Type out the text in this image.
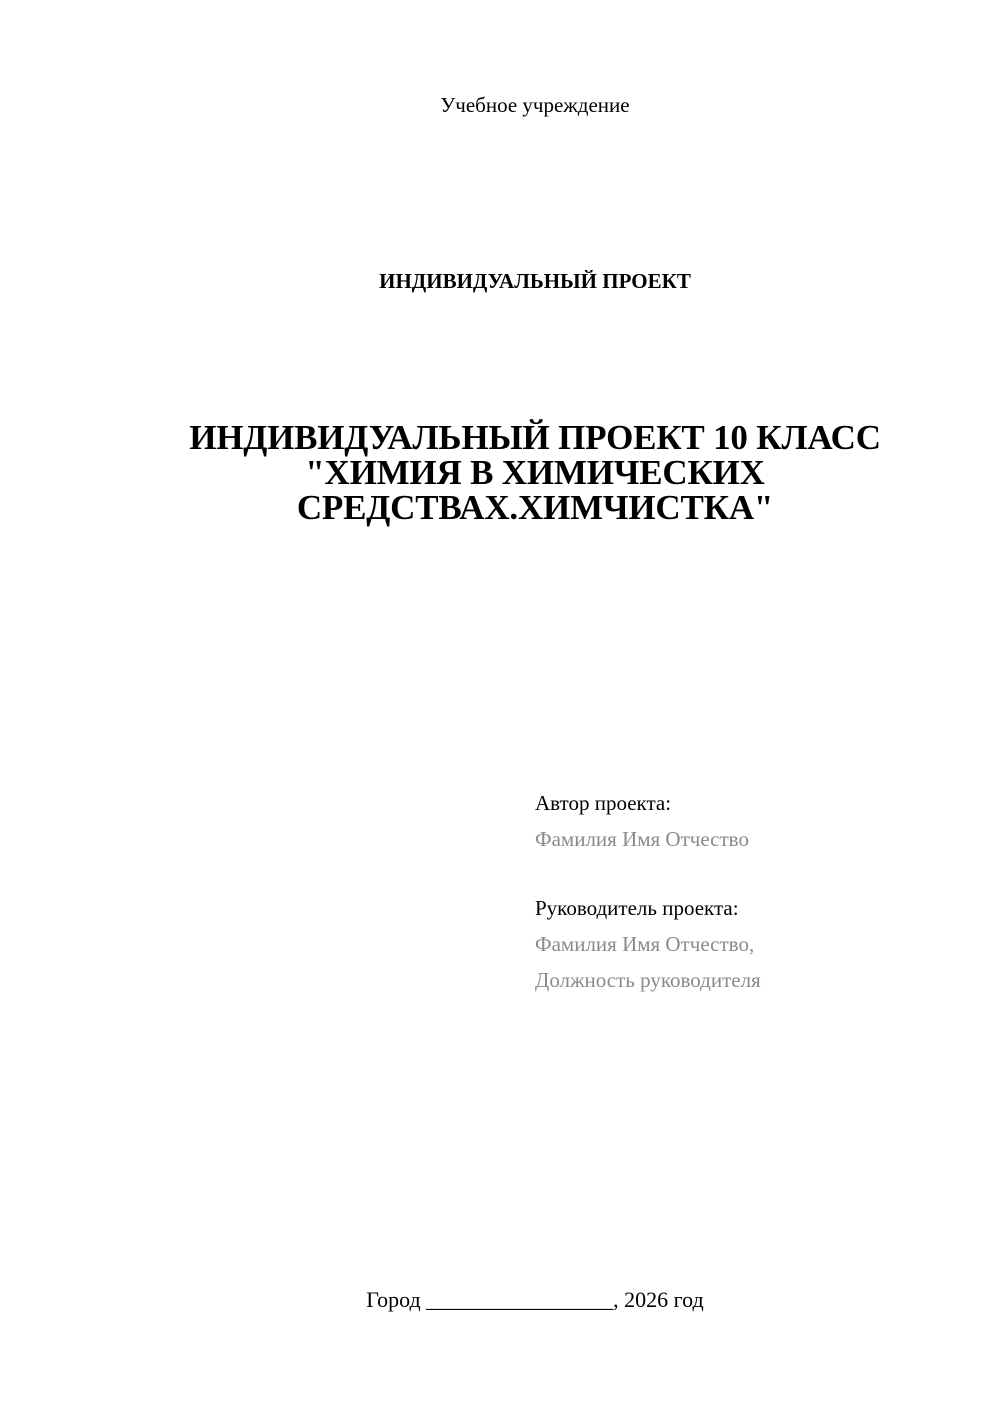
Учебное учреждение
ИНДИВИДУАЛЬНЫЙ ПРОЕКТ
ИНДИВИДУАЛЬНЫЙ ПРОЕКТ 10 КЛАСС
"ХИМИЯ В ХИМИЧЕСКИХ
СРЕДСТВАХ.ХИМЧИСТКА"
Автор проекта:
Фамилия Имя Отчество
Руководитель проекта:
Фамилия Имя Отчество,
Должность руководителя
Город _________________, 2026 год
